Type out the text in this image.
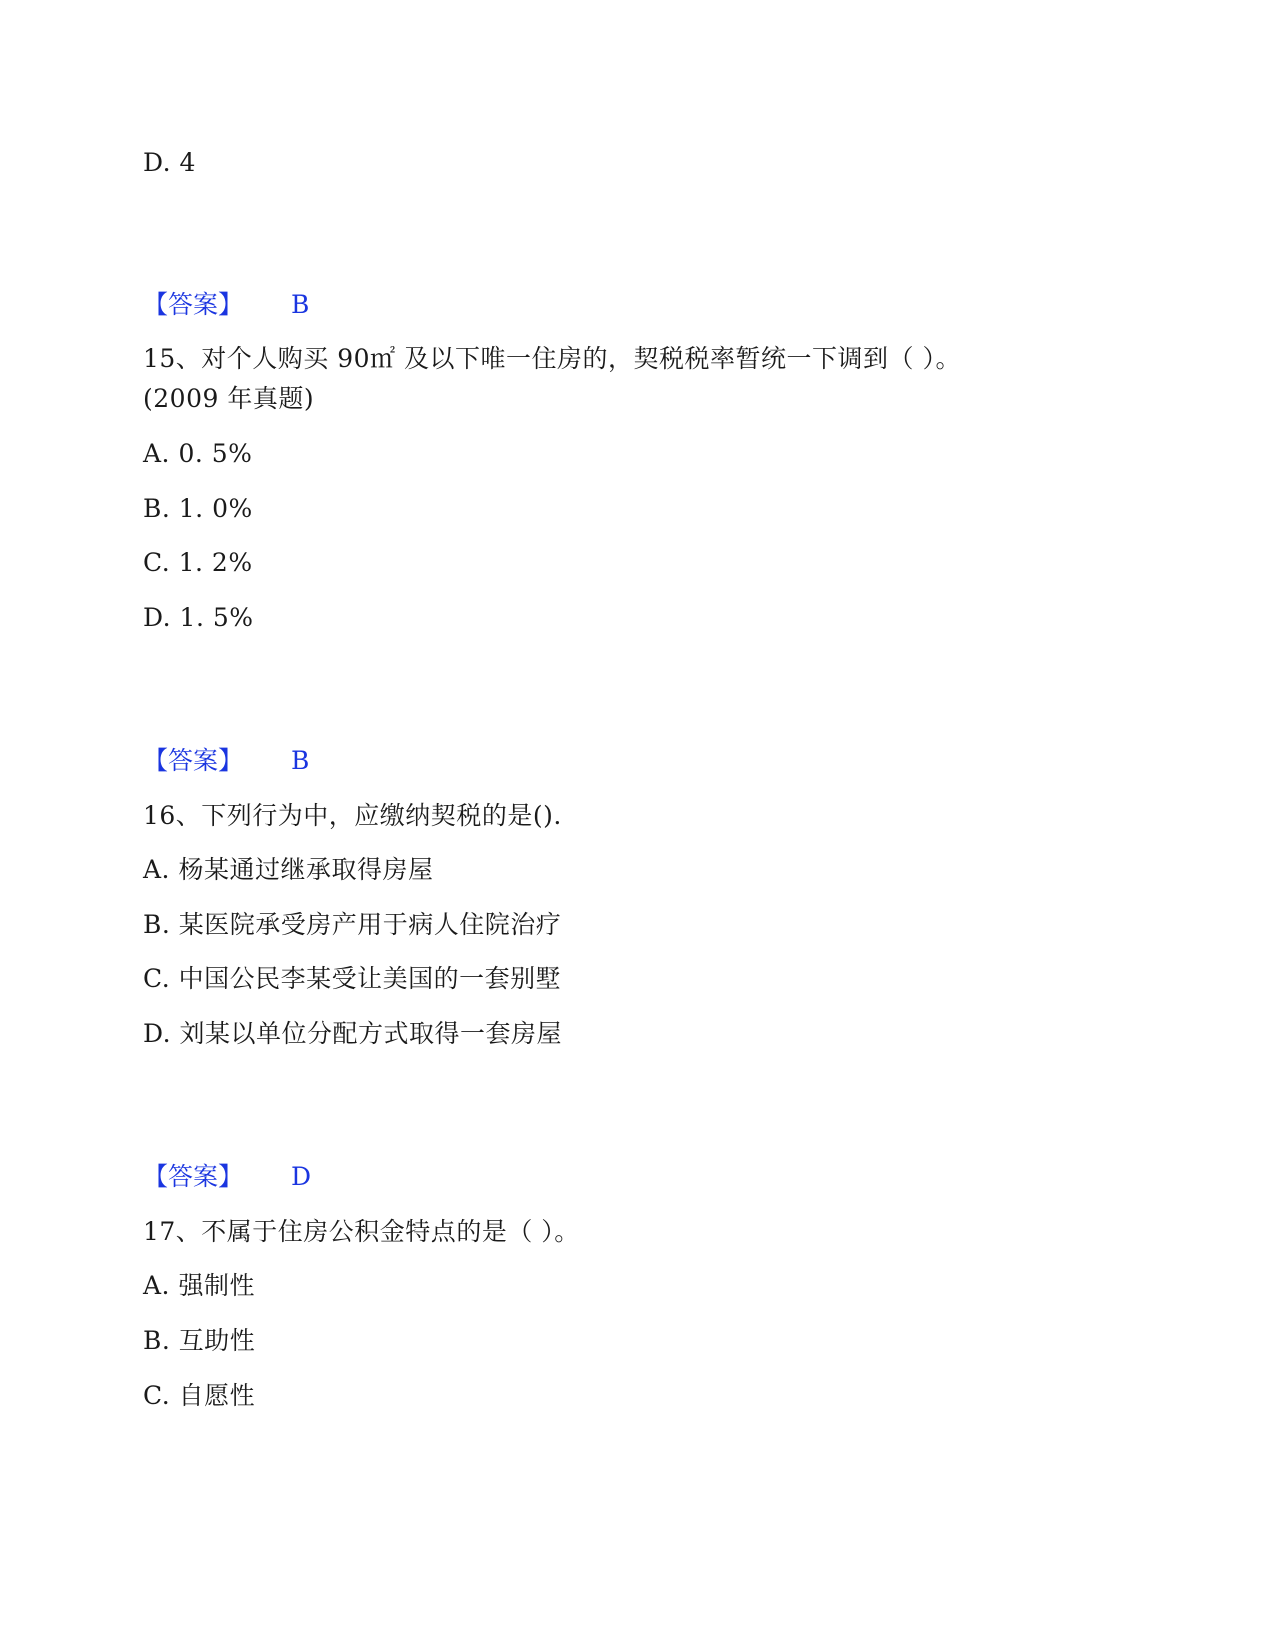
D. 4
【答案】 B
15、对个人购买 90㎡ 及以下唯一住房的，契税税率暂统一下调到（ ）。
(2009 年真题)
A. 0. 5%
B. 1. 0%
C. 1. 2%
D. 1. 5%
【答案】 B
16、下列行为中，应缴纳契税的是().
A. 杨某通过继承取得房屋
B. 某医院承受房产用于病人住院治疗
C. 中国公民李某受让美国的一套别墅
D. 刘某以单位分配方式取得一套房屋
【答案】 D
17、不属于住房公积金特点的是（ ）。
A. 强制性
B. 互助性
C. 自愿性
